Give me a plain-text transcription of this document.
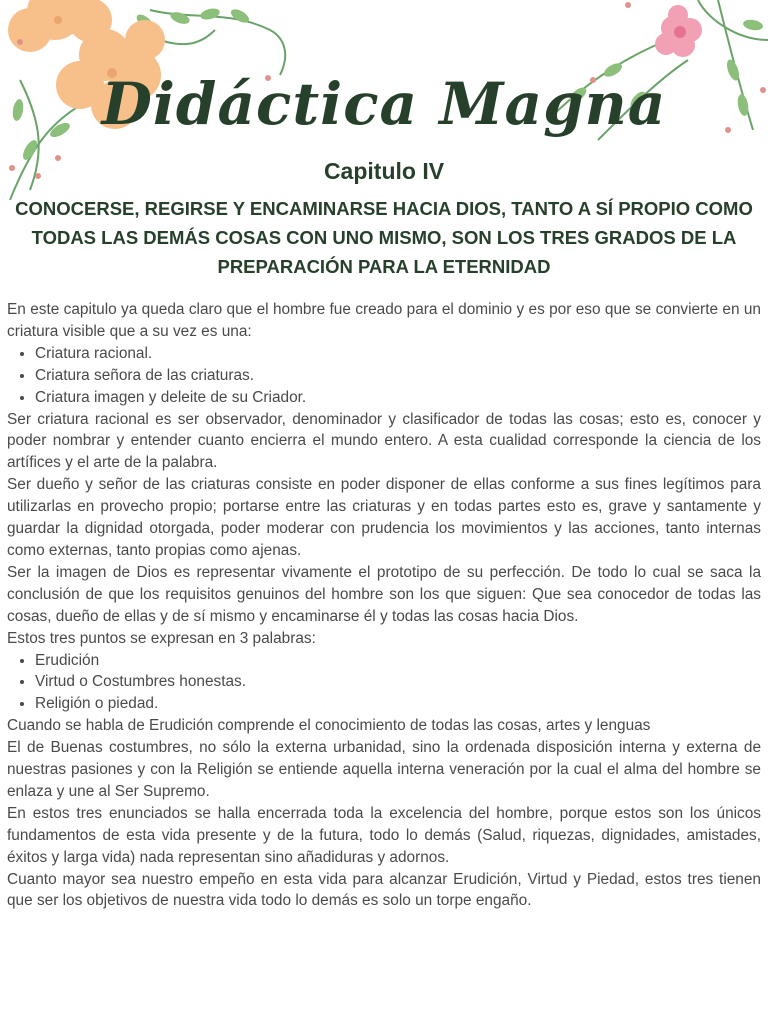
Didáctica Magna
Capitulo IV
CONOCERSE, REGIRSE Y ENCAMINARSE HACIA DIOS, TANTO A SÍ PROPIO COMO TODAS LAS DEMÁS COSAS CON UNO MISMO, SON LOS TRES GRADOS DE LA PREPARACIÓN PARA LA ETERNIDAD

En este capitulo ya queda claro que el hombre fue creado para el dominio y es por eso que se convierte en un criatura visible que a su vez es una:

• Criatura racional.
• Criatura señora de las criaturas.
• Criatura imagen y deleite de su Criador.

Ser criatura racional es ser observador, denominador y clasificador de todas las cosas; esto es, conocer y poder nombrar y entender cuanto encierra el mundo entero. A esta cualidad corresponde la ciencia de los artífices y el arte de la palabra.

Ser dueño y señor de las criaturas consiste en poder disponer de ellas conforme a sus fines legítimos para utilizarlas en provecho propio; portarse entre las criaturas y en todas partes esto es, grave y santamente y guardar la dignidad otorgada, poder moderar con prudencia los movimientos y las acciones, tanto internas como externas, tanto propias como ajenas.

Ser la imagen de Dios es representar vivamente el prototipo de su perfección. De todo lo cual se saca la conclusión de que los requisitos genuinos del hombre son los que siguen: Que sea conocedor de todas las cosas, dueño de ellas y de sí mismo y encaminarse él y todas las cosas hacia Dios.

Estos tres puntos se expresan en 3 palabras:

• Erudición
• Virtud o Costumbres honestas.
• Religión o piedad.

Cuando se habla de Erudición comprende el conocimiento de todas las cosas, artes y lenguas

El de Buenas costumbres, no sólo la externa urbanidad, sino la ordenada disposición interna y externa de nuestras pasiones y con la Religión se entiende aquella interna veneración por la cual el alma del hombre se enlaza y une al Ser Supremo.

En estos tres enunciados se halla encerrada toda la excelencia del hombre, porque estos son los únicos fundamentos de esta vida presente y de la futura, todo lo demás (Salud, riquezas, dignidades, amistades, éxitos y larga vida) nada representan sino añadiduras y adornos.

Cuanto mayor sea nuestro empeño en esta vida para alcanzar Erudición, Virtud y Piedad, estos tres tienen que ser los objetivos de nuestra vida todo lo demás es solo un torpe engaño.
